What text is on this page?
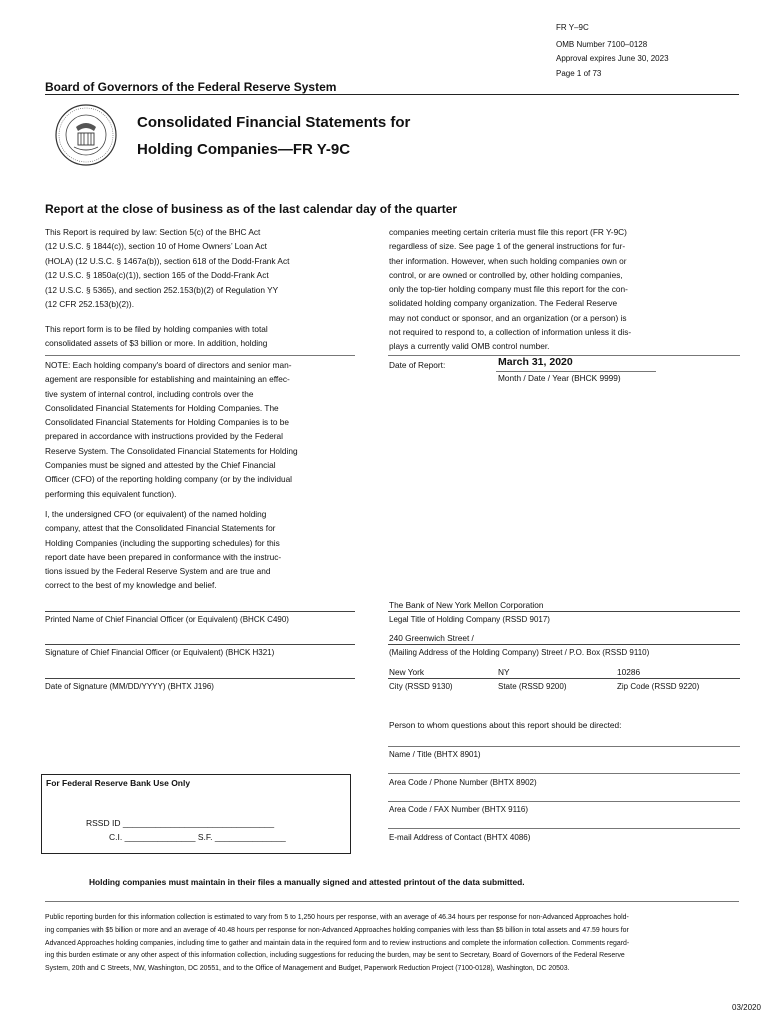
FR Y–9C
OMB Number 7100–0128
Approval expires June 30, 2023
Page 1 of 73
Board of Governors of the Federal Reserve System
Consolidated Financial Statements for
Holding Companies—FR Y-9C
Report at the close of business as of the last calendar day of the quarter
This Report is required by law: Section 5(c) of the BHC Act
(12 U.S.C. § 1844(c)), section 10 of Home Owners’ Loan Act
(HOLA) (12 U.S.C. § 1467a(b)), section 618 of the Dodd-Frank Act
(12 U.S.C. § 1850a(c)(1)), section 165 of the Dodd-Frank Act
(12 U.S.C. § 5365), and section 252.153(b)(2) of Regulation YY
(12 CFR 252.153(b)(2)).
This report form is to be filed by holding companies with total
consolidated assets of $3 billion or more. In addition, holding
companies meeting certain criteria must file this report (FR Y-9C)
regardless of size. See page 1 of the general instructions for fur-
ther information. However, when such holding companies own or
control, or are owned or controlled by, other holding companies,
only the top-tier holding company must file this report for the con-
solidated holding company organization. The Federal Reserve
may not conduct or sponsor, and an organization (or a person) is
not required to respond to, a collection of information unless it dis-
plays a currently valid OMB control number.
NOTE: Each holding company's board of directors and senior man-
agement are responsible for establishing and maintaining an effec-
tive system of internal control, including controls over the
Consolidated Financial Statements for Holding Companies. The
Consolidated Financial Statements for Holding Companies is to be
prepared in accordance with instructions provided by the Federal
Reserve System. The Consolidated Financial Statements for Holding
Companies must be signed and attested by the Chief Financial
Officer (CFO) of the reporting holding company (or by the individual
performing this equivalent function).
Date of Report:	March 31, 2020
Month / Date / Year (BHCK 9999)
I, the undersigned CFO (or equivalent) of the named holding
company, attest that the Consolidated Financial Statements for
Holding Companies (including the supporting schedules) for this
report date have been prepared in conformance with the instruc-
tions issued by the Federal Reserve System and are true and
correct to the best of my knowledge and belief.
Printed Name of Chief Financial Officer (or Equivalent) (BHCK C490)
Signature of Chief Financial Officer (or Equivalent) (BHCK H321)
Date of Signature (MM/DD/YYYY) (BHTX J196)
The Bank of New York Mellon Corporation
Legal Title of Holding Company (RSSD 9017)
240 Greenwich Street /
(Mailing Address of the Holding Company) Street / P.O. Box (RSSD 9110)
New York	NY	10286
City (RSSD 9130)	State (RSSD 9200)	Zip Code (RSSD 9220)
Person to whom questions about this report should be directed:
Name / Title (BHTX 8901)
Area Code / Phone Number (BHTX 8902)
Area Code / FAX Number (BHTX 9116)
E-mail Address of Contact (BHTX 4086)
For Federal Reserve Bank Use Only
RSSD ID ________________________________
C.I. _______________ S.F. _______________
Holding companies must maintain in their files a manually signed and attested printout of the data submitted.
Public reporting burden for this information collection is estimated to vary from 5 to 1,250 hours per response, with an average of 46.34 hours per response for non-Advanced Approaches hold-
ing companies with $5 billion or more and an average of 40.48 hours per response for non-Advanced Approaches holding companies with less than $5 billion in total assets and 47.59 hours for
Advanced Approaches holding companies, including time to gather and maintain data in the required form and to review instructions and complete the information collection. Comments regard-
ing this burden estimate or any other aspect of this information collection, including suggestions for reducing the burden, may be sent to Secretary, Board of Governors of the Federal Reserve
System, 20th and C Streets, NW, Washington, DC 20551, and to the Office of Management and Budget, Paperwork Reduction Project (7100-0128), Washington, DC 20503.
03/2020
